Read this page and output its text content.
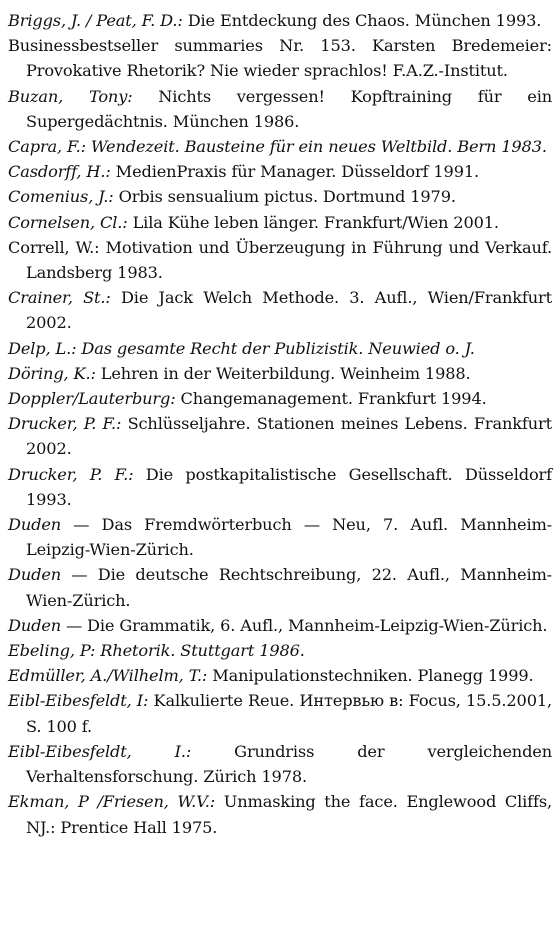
Briggs, J. / Peat, F. D.: Die Entdeckung des Chaos. München 1993.

Businessbestseller summaries Nr. 153. Karsten Bredemeier: Provokative Rhetorik? Nie wieder sprachlos! F.A.Z.-Institut.

Buzan, Tony: Nichts vergessen! Kopftraining für ein Supergedächtnis. München 1986.

Capra, F.: Wendezeit. Bausteine für ein neues Weltbild. Bern 1983.

Casdorff, H.: MedienPraxis für Manager. Düsseldorf 1991.

Comenius, J.: Orbis sensualium pictus. Dortmund 1979.

Cornelsen, Cl.: Lila Kühe leben länger. Frankfurt/Wien 2001.

Correll, W.: Motivation und Überzeugung in Führung und Verkauf. Landsberg 1983.

Crainer, St.: Die Jack Welch Methode. 3. Aufl., Wien/Frankfurt 2002.

Delp, L.: Das gesamte Recht der Publizistik. Neuwied o. J.

Döring, K.: Lehren in der Weiterbildung. Weinheim 1988.

Doppler/Lauterburg: Changemanagement. Frankfurt 1994.

Drucker, P. F.: Schlüsseljahre. Stationen meines Lebens. Frankfurt 2002.

Drucker, P. F.: Die postkapitalistische Gesellschaft. Düsseldorf 1993.

Duden — Das Fremdwörterbuch — Neu, 7. Aufl. Mannheim-Leipzig-Wien-Zürich.

Duden — Die deutsche Rechtschreibung, 22. Aufl., Mannheim-Wien-Zürich.

Duden — Die Grammatik, 6. Aufl., Mannheim-Leipzig-Wien-Zürich.

Ebeling, P: Rhetorik. Stuttgart 1986.

Edmüller, A./Wilhelm, T.: Manipulationstechniken. Planegg 1999.

Eibl-Eibesfeldt, I: Kalkulierte Reue. Интервью в: Focus, 15.5.2001, S. 100 f.

Eibl-Eibesfeldt, I.: Grundriss der vergleichenden Verhaltensforschung. Zürich 1978.

Ekman, P /Friesen, W.V.: Unmasking the face. Englewood Cliffs, NJ.: Prentice Hall 1975.
